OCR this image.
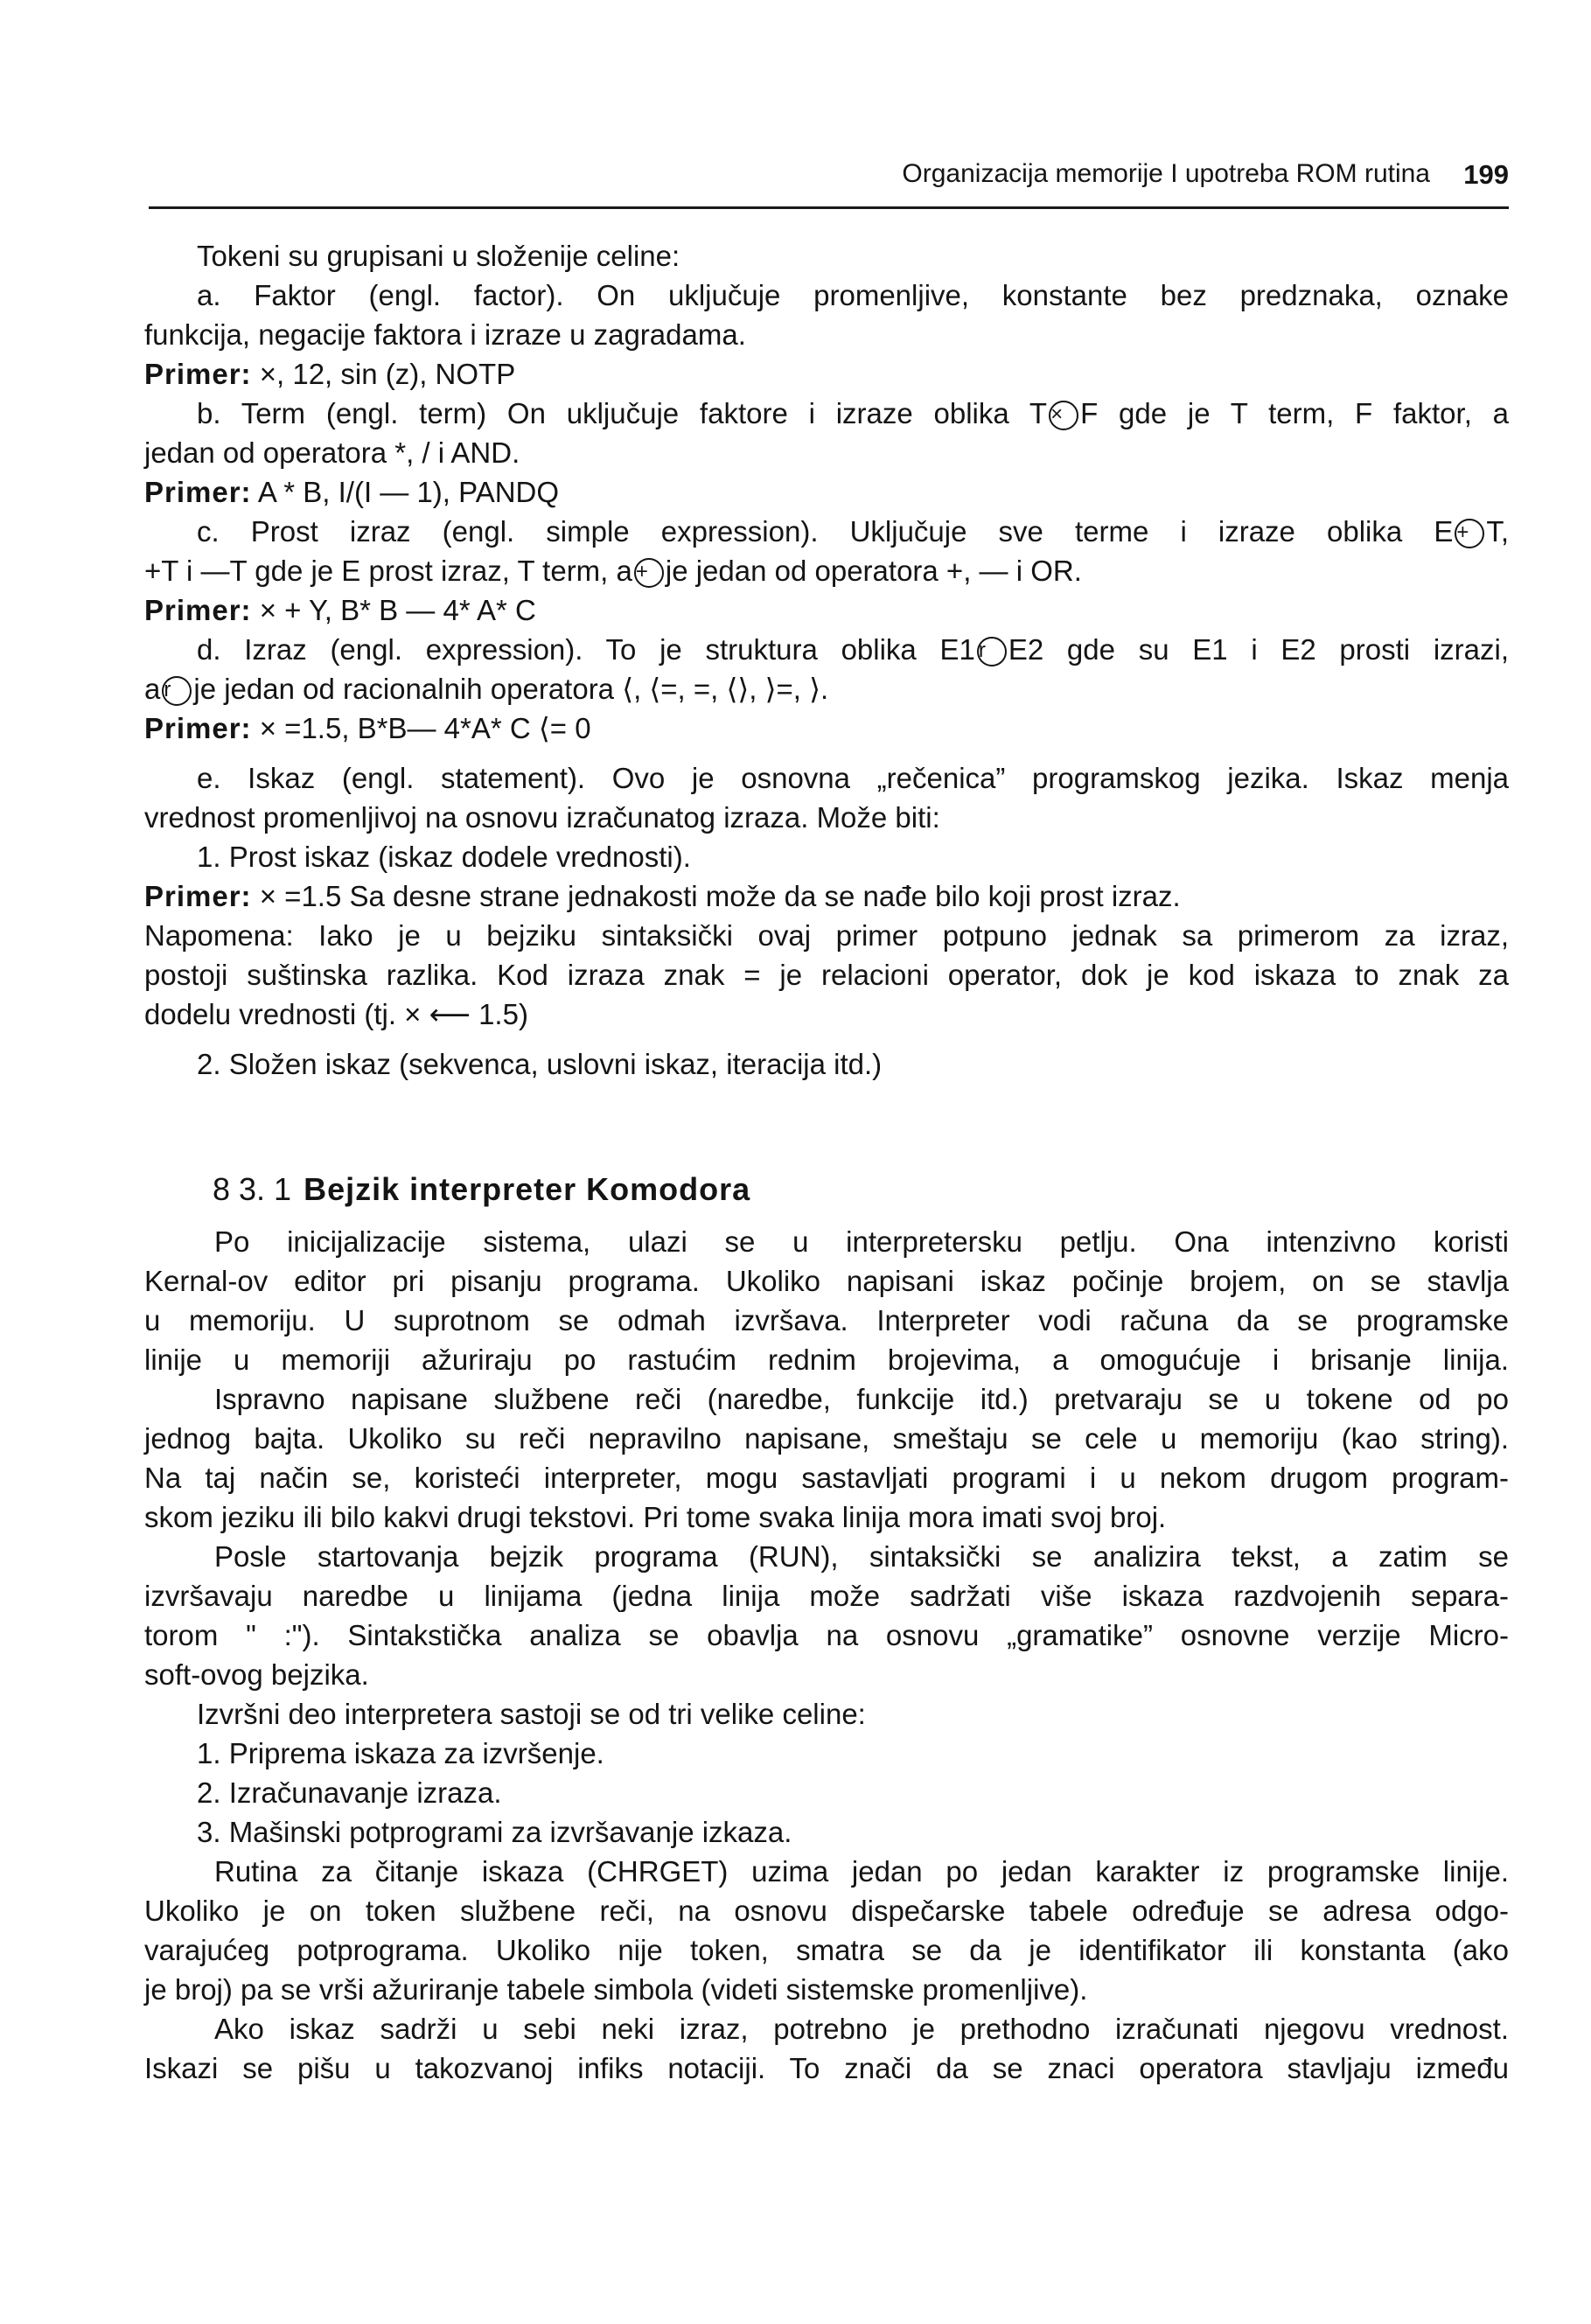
Organizacija memorije I upotreba ROM rutina 199

Tokeni su grupisani u složenije celine:

a. Faktor (engl. factor). On uključuje promenljive, konstante bez predznaka, oznake

funkcija, negacije faktora i izraze u zagradama.

Primer: ×, 12, sin (z), NOTP

b. Term (engl. term) On uključuje faktore i izraze oblika T × F gde je T term, F faktor, a

jedan od operatora *, / i AND.

Primer: A * B, I/(I — 1), PANDQ

c. Prost izraz (engl. simple expression). Uključuje sve terme i izraze oblika E + T,

+T i —T gde je E prost izraz, T term, a + je jedan od operatora +, — i OR.

Primer: × + Y, B* B — 4* A* C

d. Izraz (engl. expression). To je struktura oblika E1 r E2 gde su E1 i E2 prosti izrazi,

a r je jedan od racionalnih operatora ⟨, ⟨=, =, ⟨⟩, ⟩=, ⟩.

Primer: × =1.5, B*B— 4*A* C ⟨= 0

e. Iskaz (engl. statement). Ovo je osnovna „rečenica” programskog jezika. Iskaz menja

vrednost promenljivoj na osnovu izračunatog izraza. Može biti:

1. Prost iskaz (iskaz dodele vrednosti).

Primer: × =1.5 Sa desne strane jednakosti može da se nađe bilo koji prost izraz.

Napomena: Iako je u bejziku sintaksički ovaj primer potpuno jednak sa primerom za izraz,

postoji suštinska razlika. Kod izraza znak = je relacioni operator, dok je kod iskaza to znak za

dodelu vrednosti (tj. × ⟵ 1.5)

2. Složen iskaz (sekvenca, uslovni iskaz, iteracija itd.)

8 3. 1 Bejzik interpreter Komodora

Po inicijalizacije sistema, ulazi se u interpretersku petlju. Ona intenzivno koristi

Kernal-ov editor pri pisanju programa. Ukoliko napisani iskaz počinje brojem, on se stavlja

u memoriju. U suprotnom se odmah izvršava. Interpreter vodi računa da se programske

linije u memoriji ažuriraju po rastućim rednim brojevima, a omogućuje i brisanje linija.

Ispravno napisane službene reči (naredbe, funkcije itd.) pretvaraju se u tokene od po

jednog bajta. Ukoliko su reči nepravilno napisane, smeštaju se cele u memoriju (kao string).

Na taj način se, koristeći interpreter, mogu sastavljati programi i u nekom drugom program-

skom jeziku ili bilo kakvi drugi tekstovi. Pri tome svaka linija mora imati svoj broj.

Posle startovanja bejzik programa (RUN), sintaksički se analizira tekst, a zatim se

izvršavaju naredbe u linijama (jedna linija može sadržati više iskaza razdvojenih separa-

torom " :"). Sintakstička analiza se obavlja na osnovu „gramatike” osnovne verzije Micro-

soft-ovog bejzika.

Izvršni deo interpretera sastoji se od tri velike celine:

1. Priprema iskaza za izvršenje.

2. Izračunavanje izraza.

3. Mašinski potprogrami za izvršavanje izkaza.

Rutina za čitanje iskaza (CHRGET) uzima jedan po jedan karakter iz programske linije.

Ukoliko je on token službene reči, na osnovu dispečarske tabele određuje se adresa odgo-

varajućeg potprograma. Ukoliko nije token, smatra se da je identifikator ili konstanta (ako

je broj) pa se vrši ažuriranje tabele simbola (videti sistemske promenljive).

Ako iskaz sadrži u sebi neki izraz, potrebno je prethodno izračunati njegovu vrednost.

Iskazi se pišu u takozvanoj infiks notaciji. To znači da se znaci operatora stavljaju između
